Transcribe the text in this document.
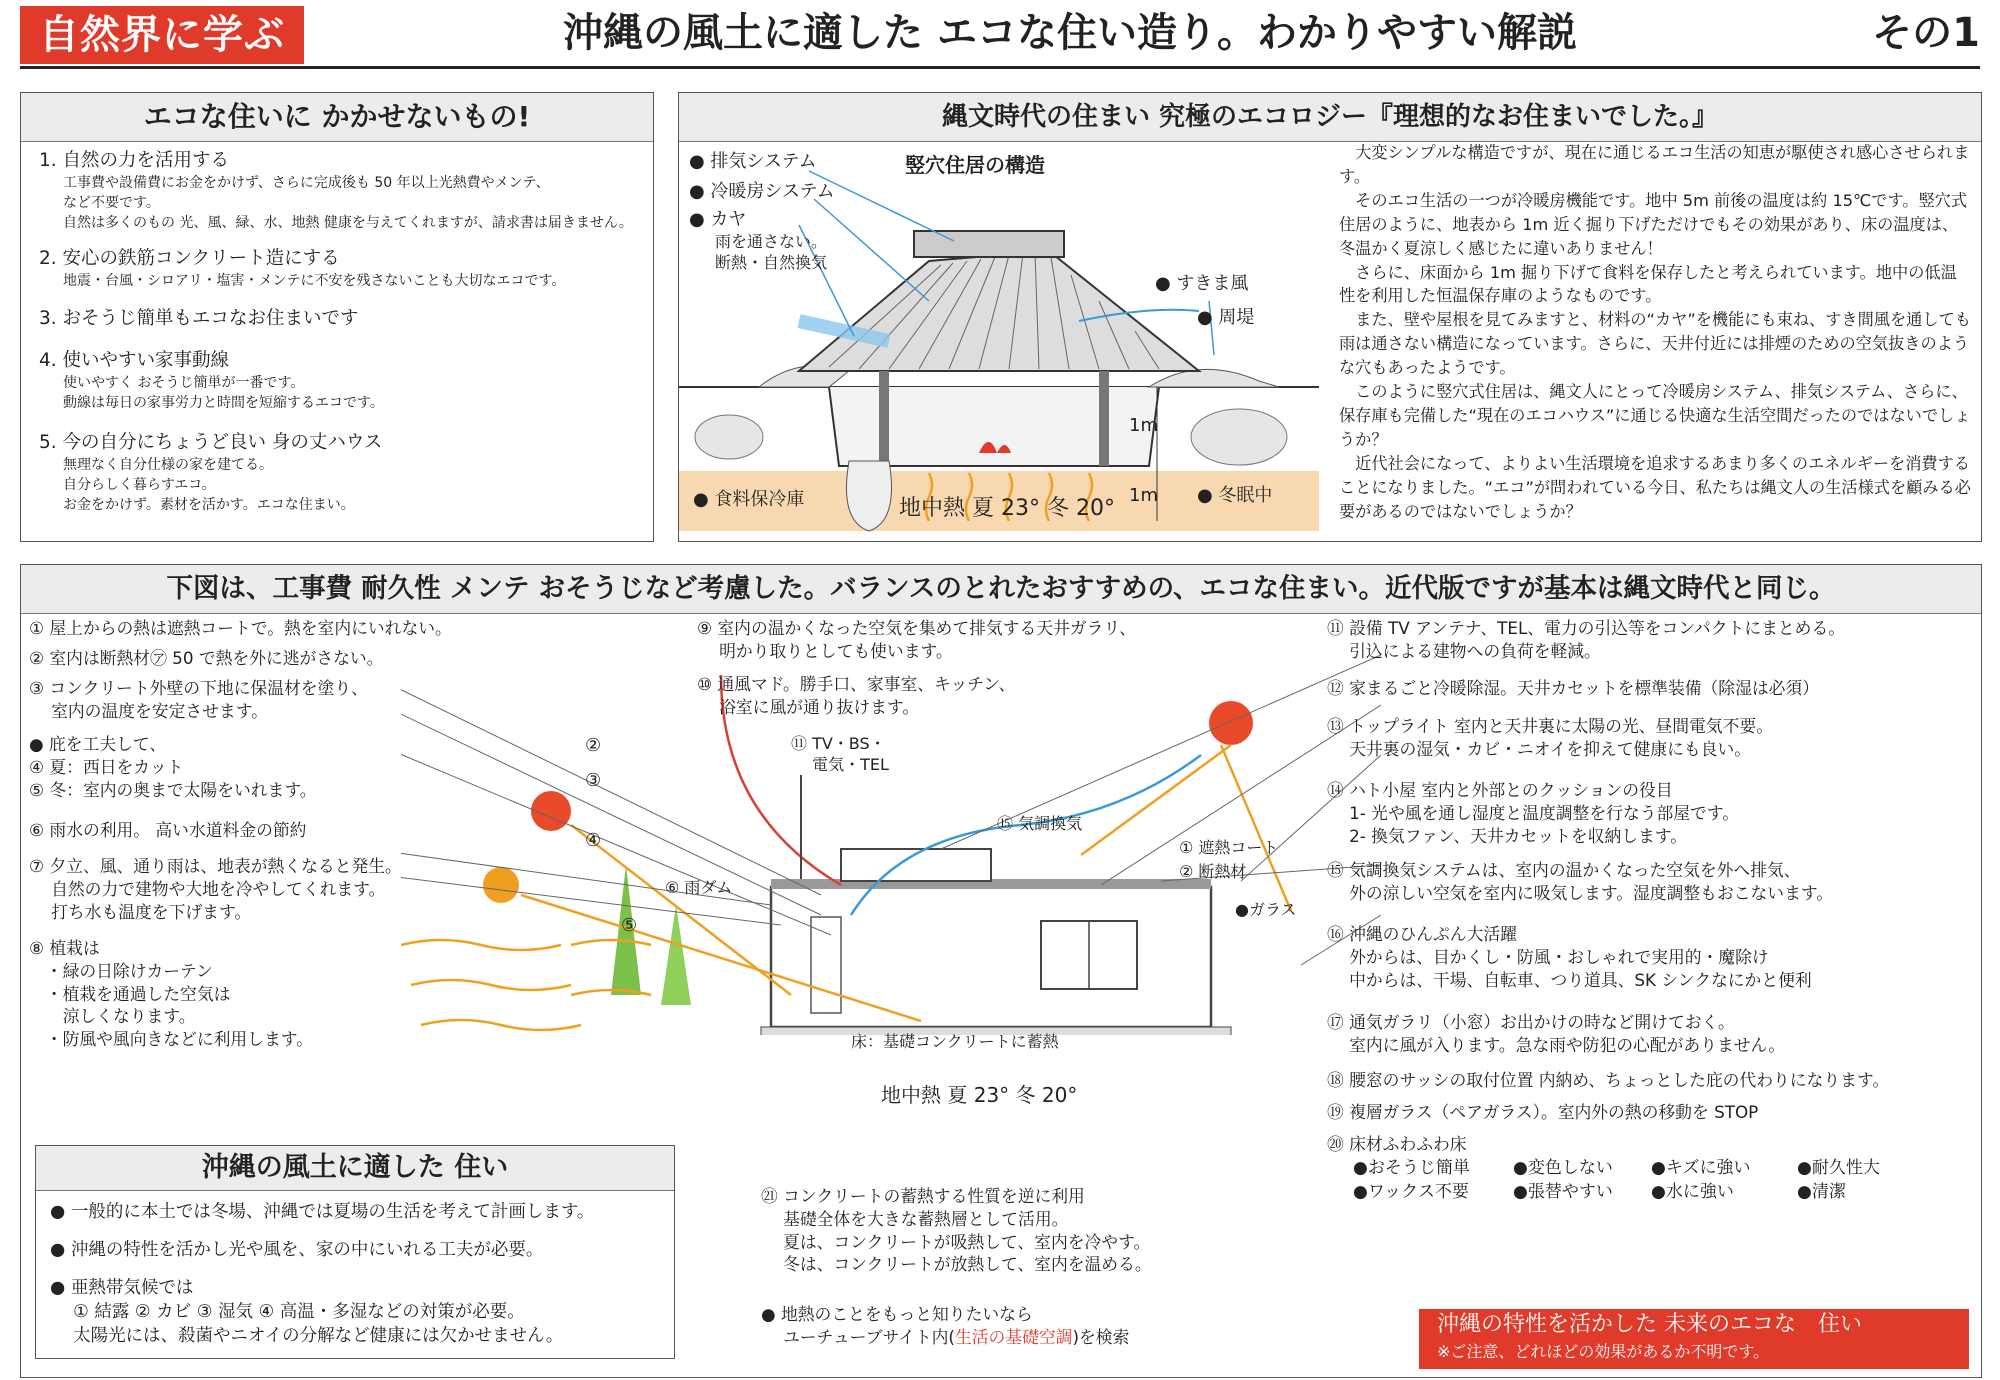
自然界に学ぶ	沖縄の風土に適した エコな住い造り。わかりやすい解説	その1
エコな住いに かかせないもの!
1. 自然の力を活用する
工事費や設備費にお金をかけず、さらに完成後も 50 年以上光熱費やメンテ、
など不要です。
自然は多くのもの 光、風、緑、水、地熱 健康を与えてくれますが、請求書は届きません。
2. 安心の鉄筋コンクリート造にする
地震・台風・シロアリ・塩害・メンテに不安を残さないことも大切なエコです。
3. おそうじ簡単もエコなお住まいです
4. 使いやすい家事動線
使いやすく おそうじ簡単が一番です。
動線は毎日の家事労力と時間を短縮するエコです。
5. 今の自分にちょうど良い 身の丈ハウス
無理なく自分仕様の家を建てる。
自分らしく暮らすエコ。
お金をかけず。素材を活かす。エコな住まい。
縄文時代の住まい 究極のエコロジー『理想的なお住まいでした。』
● 排気システム
● 冷暖房システム
● カヤ
雨を通さない。
断熱・自然換気
竪穴住居の構造
● すきま風
● 周堤
1m
1m
● 食料保冷庫	地中熱 夏 23° 冬 20°
● 冬眠中
　大変シンプルな構造ですが、現在に通じるエコ生活の知恵が駆使され感心させられます。
　そのエコ生活の一つが冷暖房機能です。地中 5m 前後の温度は約 15℃です。竪穴式住居のように、地表から 1m 近く掘り下げただけでもその効果があり、床の温度は、冬温かく夏涼しく感じたに違いありません！
　さらに、床面から 1m 掘り下げて食料を保存したと考えられています。地中の低温性を利用した恒温保存庫のようなものです。
　また、壁や屋根を見てみますと、材料の“カヤ”を機能にも束ね、すき間風を通しても雨は通さない構造になっています。さらに、天井付近には排煙のための空気抜きのような穴もあったようです。
　このように竪穴式住居は、縄文人にとって冷暖房システム、排気システム、さらに、保存庫も完備した“現在のエコハウス”に通じる快適な生活空間だったのではないでしょうか？
　近代社会になって、よりよい生活環境を追求するあまり多くのエネルギーを消費することになりました。“エコ”が問われている今日、私たちは縄文人の生活様式を顧みる必要があるのではないでしょうか？
下図は、工事費 耐久性 メンテ おそうじなど考慮した。バランスのとれたおすすめの、エコな住まい。近代版ですが基本は縄文時代と同じ。
夏
冬
②
③
④
⑤
⑪ TV・BS・
　 電気・TEL
⑮ 気調換気
⑥ 雨ダム
① 遮熱コート
② 断熱材
●ガラス
床：基礎コンクリートに蓄熱
地中熱 夏 23° 冬 20°
① 屋上からの熱は遮熱コートで。熱を室内にいれない。
② 室内は断熱材㋐ 50 で熱を外に逃がさない。
③ コンクリート外壁の下地に保温材を塗り、
　 室内の温度を安定させます。
● 庇を工夫して、
④ 夏：西日をカット
⑤ 冬：室内の奥まで太陽をいれます。
⑥ 雨水の利用。 高い水道料金の節約
⑦ 夕立、風、通り雨は、地表が熱くなると発生。
　 自然の力で建物や大地を冷やしてくれます。
　 打ち水も温度を下げます。
⑧ 植栽は
　・緑の日除けカーテン
　・植栽を通過した空気は
　　涼しくなります。
　・防風や風向きなどに利用します。
⑨ 室内の温かくなった空気を集めて排気する天井ガラリ、
　 明かり取りとしても使います。
⑩ 通風マド。勝手口、家事室、キッチン、
　 浴室に風が通り抜けます。
⑪ 設備 TV アンテナ、TEL、電力の引込等をコンパクトにまとめる。
　 引込による建物への負荷を軽減。
⑫ 家まるごと冷暖除湿。天井カセットを標準装備（除湿は必須）
⑬ トップライト 室内と天井裏に太陽の光、昼間電気不要。
　 天井裏の湿気・カビ・ニオイを抑えて健康にも良い。
⑭ ハト小屋 室内と外部とのクッションの役目
　 1- 光や風を通し湿度と温度調整を行なう部屋です。
　 2- 換気ファン、天井カセットを収納します。
⑮ 気調換気システムは、室内の温かくなった空気を外へ排気、
　 外の涼しい空気を室内に吸気します。湿度調整もおこないます。
⑯ 沖縄のひんぷん大活躍
　 外からは、目かくし・防風・おしゃれで実用的・魔除け
　 中からは、干場、自転車、つり道具、SK シンクなにかと便利
⑰ 通気ガラリ（小窓）お出かけの時など開けておく。
　 室内に風が入ります。急な雨や防犯の心配がありません。
⑱ 腰窓のサッシの取付位置 内納め、ちょっとした庇の代わりになります。
⑲ 複層ガラス（ペアガラス）。室内外の熱の移動を STOP
⑳ 床材ふわふわ床
●おそうじ簡単	●変色しない	●キズに強い	●耐久性大
●ワックス不要	●張替やすい	●水に強い	●清潔
㉑ コンクリートの蓄熱する性質を逆に利用
　 基礎全体を大きな蓄熱層として活用。
　 夏は、コンクリートが吸熱して、室内を冷やす。
　 冬は、コンクリートが放熱して、室内を温める。
● 地熱のことをもっと知りたいなら
　 ユーチューブサイト内(生活の基礎空調)を検索
沖縄の風土に適した 住い
● 一般的に本土では冬場、沖縄では夏場の生活を考えて計画します。
● 沖縄の特性を活かし光や風を、家の中にいれる工夫が必要。
● 亜熱帯気候では
　 ① 結露 ② カビ ③ 湿気 ④ 高温・多湿などの対策が必要。
　 太陽光には、殺菌やニオイの分解など健康には欠かせません。	沖縄の特性を活かした 未来のエコな　住い
※ご注意、どれほどの効果があるか不明です。
